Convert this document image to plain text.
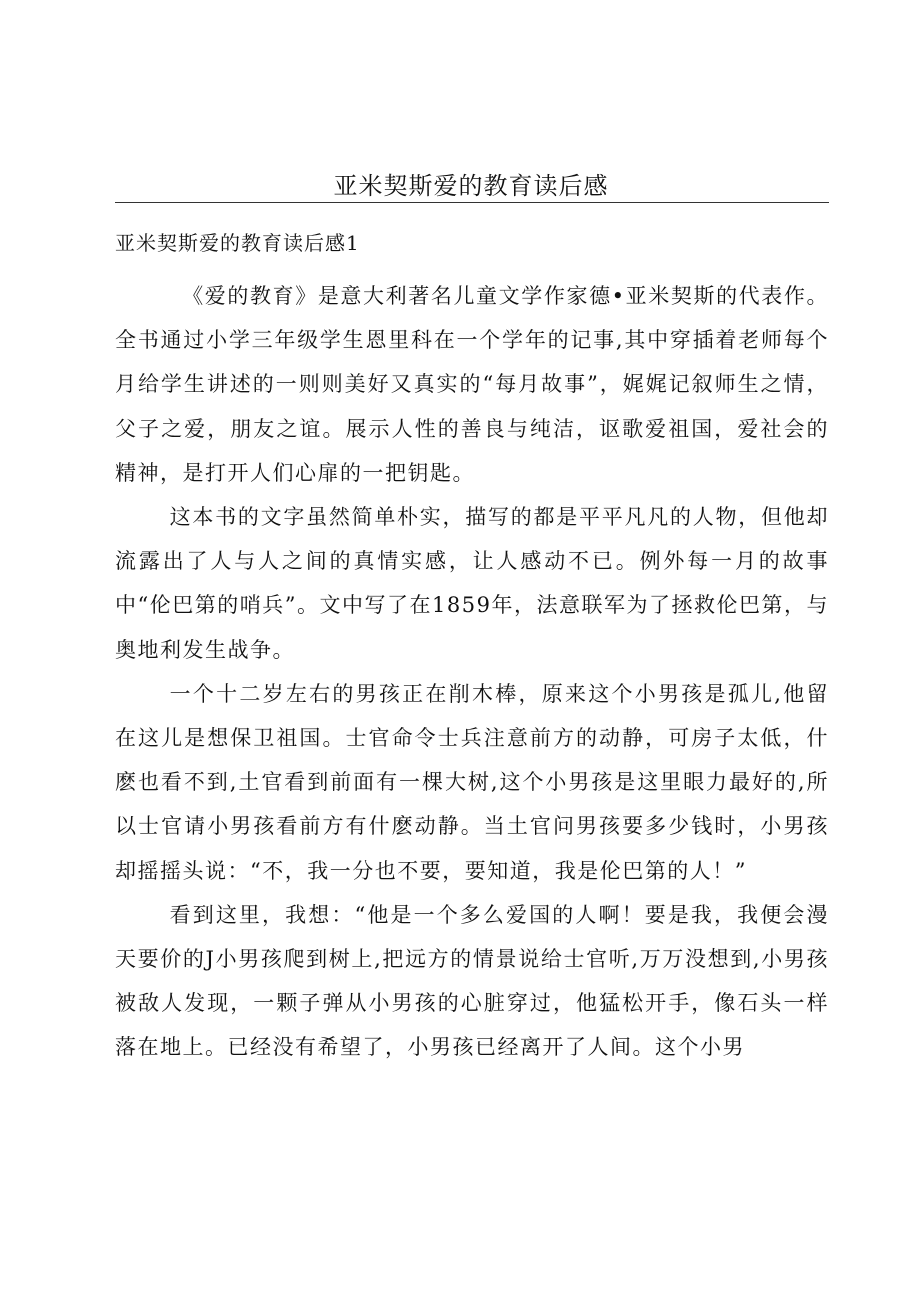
亚米契斯爱的教育读后感

亚米契斯爱的教育读后感1

《爱的教育》是意大利著名儿童文学作家德•亚米契斯的代表作。全书通过小学三年级学生恩里科在一个学年的记事,其中穿插着老师每个月给学生讲述的一则则美好又真实的“每月故事”，娓娓记叙师生之情，父子之爱，朋友之谊。展示人性的善良与纯洁，讴歌爱祖国，爱社会的精神，是打开人们心扉的一把钥匙。

这本书的文字虽然简单朴实，描写的都是平平凡凡的人物，但他却流露出了人与人之间的真情实感，让人感动不已。例外每一月的故事中“伦巴第的哨兵”。文中写了在1859年，法意联军为了拯救伦巴第，与奥地利发生战争。

一个十二岁左右的男孩正在削木棒，原来这个小男孩是孤儿,他留在这儿是想保卫祖国。士官命令士兵注意前方的动静，可房子太低，什麽也看不到,土官看到前面有一棵大树,这个小男孩是这里眼力最好的,所以士官请小男孩看前方有什麽动静。当土官问男孩要多少钱时，小男孩却摇摇头说：“不，我一分也不要，要知道，我是伦巴第的人！”

看到这里，我想：“他是一个多么爱国的人啊！要是我，我便会漫天要价的J小男孩爬到树上,把远方的情景说给士官听,万万没想到,小男孩被敌人发现，一颗子弹从小男孩的心脏穿过，他猛松开手，像石头一样落在地上。已经没有希望了，小男孩已经离开了人间。这个小男
